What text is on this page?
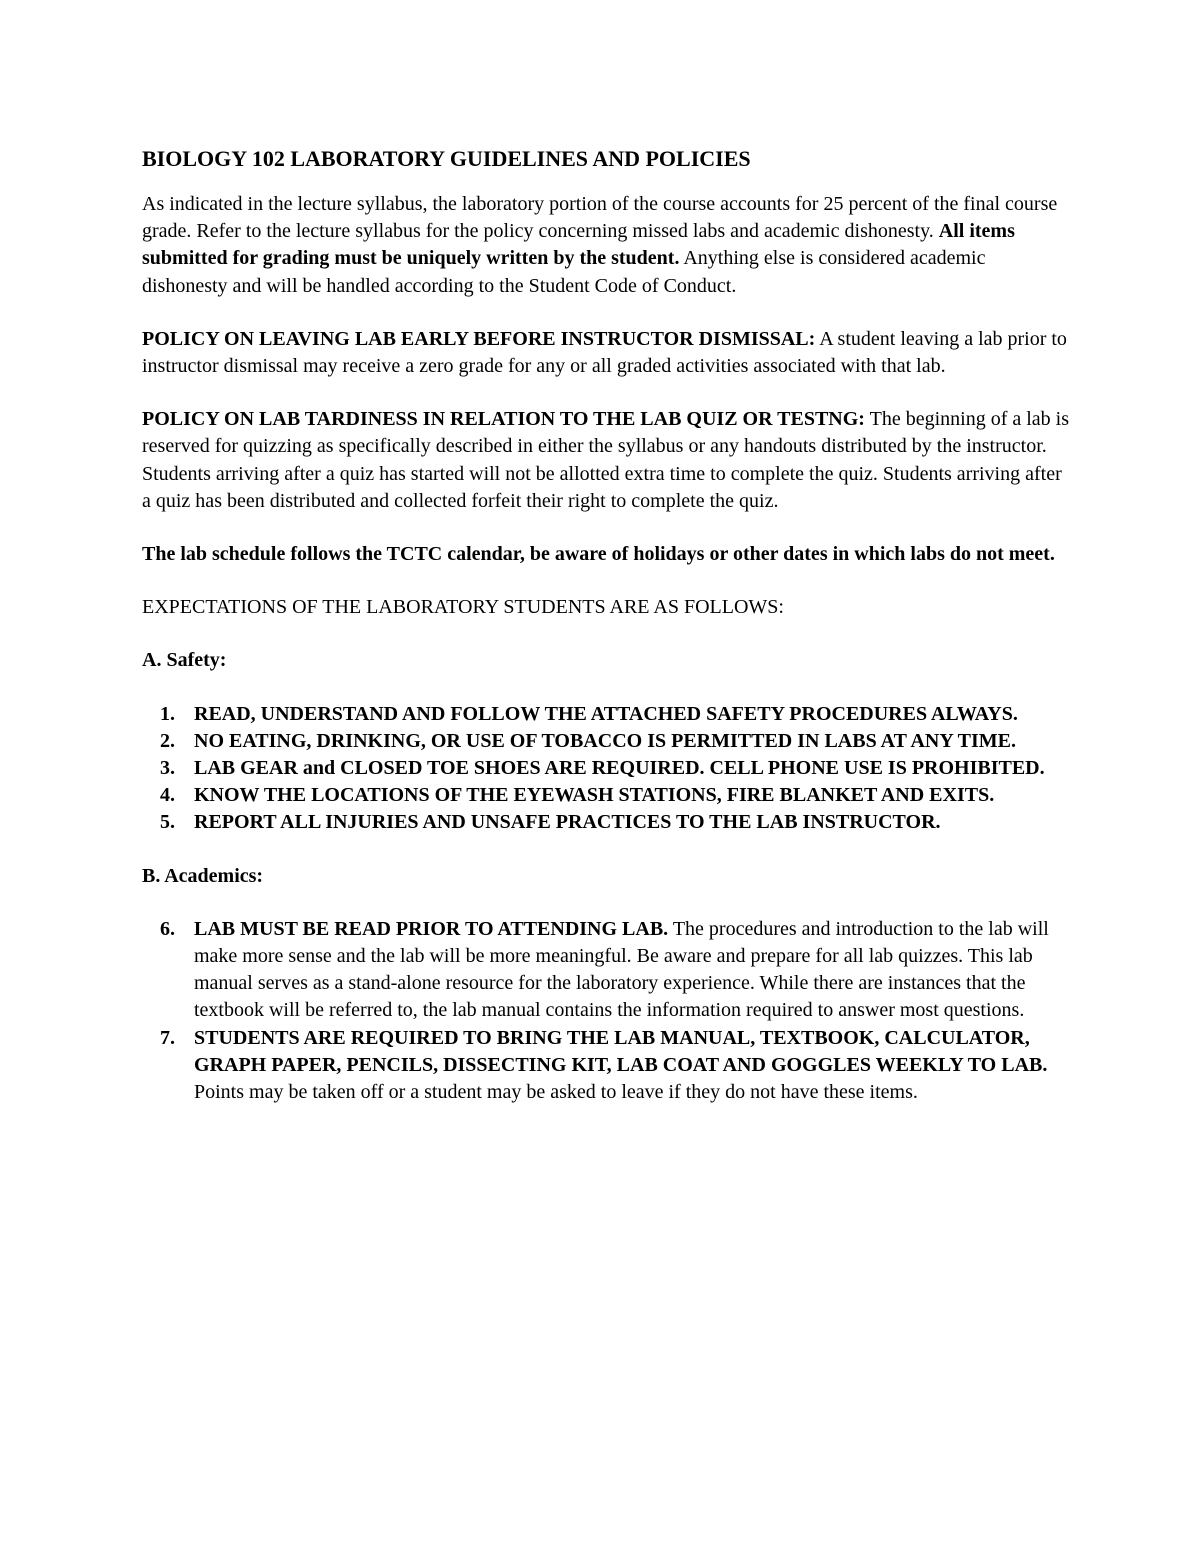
BIOLOGY 102 LABORATORY GUIDELINES AND POLICIES

As indicated in the lecture syllabus, the laboratory portion of the course accounts for 25 percent of the final course grade. Refer to the lecture syllabus for the policy concerning missed labs and academic dishonesty. All items submitted for grading must be uniquely written by the student. Anything else is considered academic dishonesty and will be handled according to the Student Code of Conduct.

POLICY ON LEAVING LAB EARLY BEFORE INSTRUCTOR DISMISSAL: A student leaving a lab prior to instructor dismissal may receive a zero grade for any or all graded activities associated with that lab.

POLICY ON LAB TARDINESS IN RELATION TO THE LAB QUIZ OR TESTNG: The beginning of a lab is reserved for quizzing as specifically described in either the syllabus or any handouts distributed by the instructor. Students arriving after a quiz has started will not be allotted extra time to complete the quiz. Students arriving after a quiz has been distributed and collected forfeit their right to complete the quiz.

The lab schedule follows the TCTC calendar, be aware of holidays or other dates in which labs do not meet.

EXPECTATIONS OF THE LABORATORY STUDENTS ARE AS FOLLOWS:

A. Safety:
1. READ, UNDERSTAND AND FOLLOW THE ATTACHED SAFETY PROCEDURES ALWAYS.
2. NO EATING, DRINKING, OR USE OF TOBACCO IS PERMITTED IN LABS AT ANY TIME.
3. LAB GEAR and CLOSED TOE SHOES ARE REQUIRED. CELL PHONE USE IS PROHIBITED.
4. KNOW THE LOCATIONS OF THE EYEWASH STATIONS, FIRE BLANKET AND EXITS.
5. REPORT ALL INJURIES AND UNSAFE PRACTICES TO THE LAB INSTRUCTOR.
B. Academics:
6. LAB MUST BE READ PRIOR TO ATTENDING LAB. The procedures and introduction to the lab will make more sense and the lab will be more meaningful. Be aware and prepare for all lab quizzes. This lab manual serves as a stand-alone resource for the laboratory experience. While there are instances that the textbook will be referred to, the lab manual contains the information required to answer most questions.
7. STUDENTS ARE REQUIRED TO BRING THE LAB MANUAL, TEXTBOOK, CALCULATOR, GRAPH PAPER, PENCILS, DISSECTING KIT, LAB COAT AND GOGGLES WEEKLY TO LAB. Points may be taken off or a student may be asked to leave if they do not have these items.
